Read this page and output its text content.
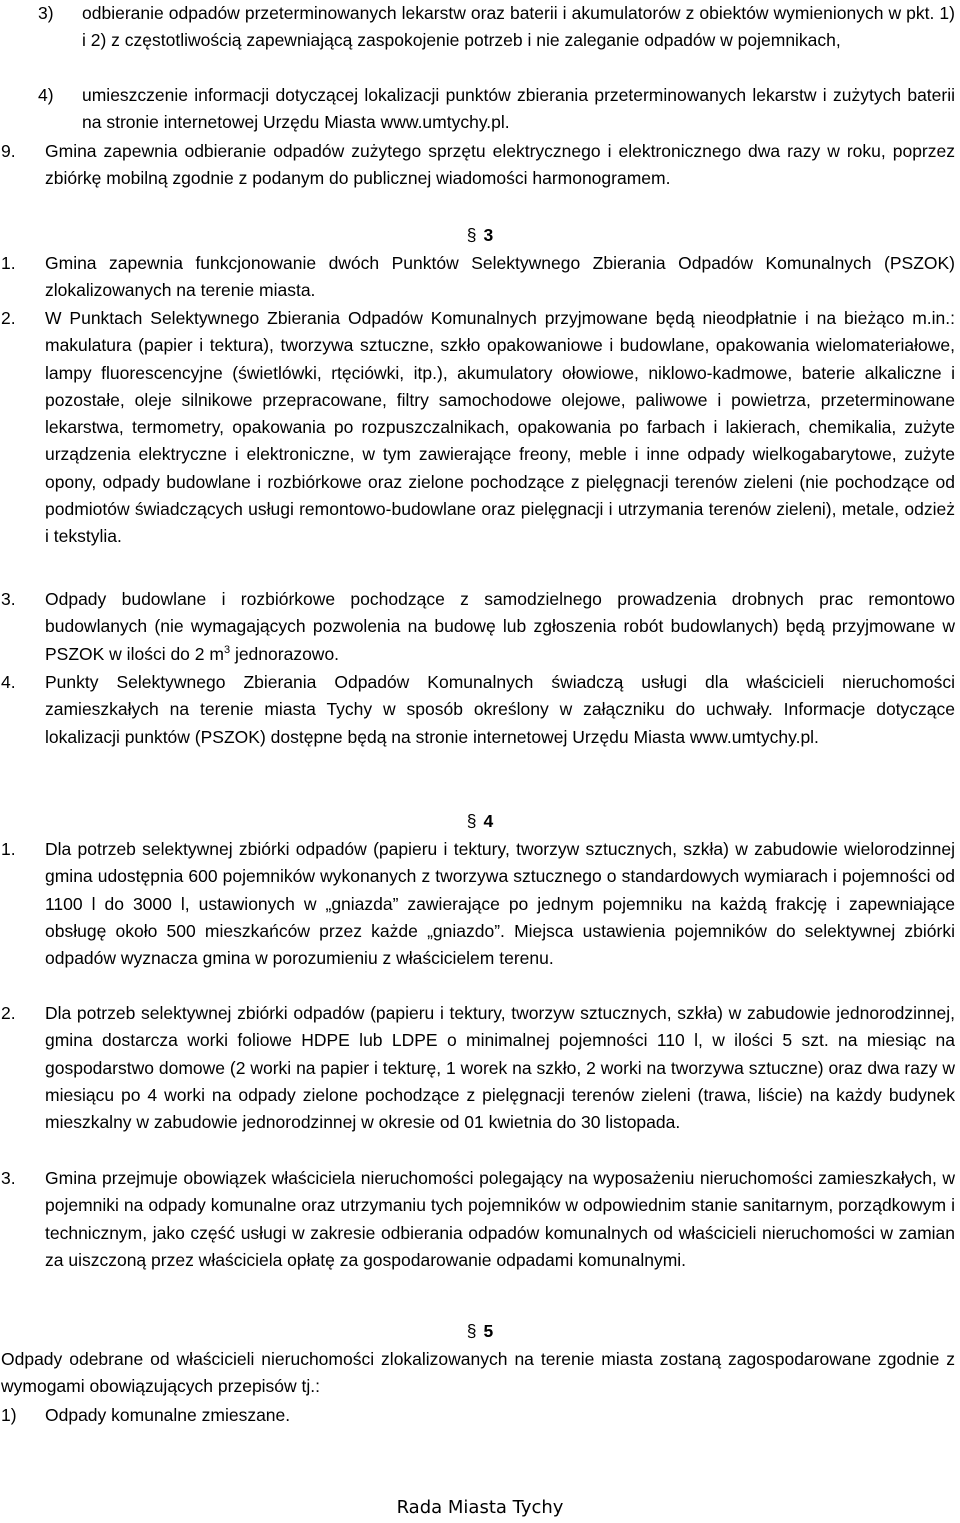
3)	odbieranie odpadów przeterminowanych lekarstw oraz baterii i akumulatorów z obiektów wymienionych w pkt. 1) i 2) z częstotliwością zapewniającą zaspokojenie potrzeb i nie zaleganie odpadów w pojemnikach,
4)	umieszczenie informacji dotyczącej lokalizacji punktów zbierania przeterminowanych lekarstw i zużytych baterii na stronie internetowej Urzędu Miasta www.umtychy.pl.
9.	Gmina zapewnia odbieranie odpadów zużytego sprzętu elektrycznego i elektronicznego dwa razy w roku, poprzez zbiórkę mobilną zgodnie z podanym do publicznej wiadomości harmonogramem.
§ 3
1.	Gmina zapewnia funkcjonowanie dwóch Punktów Selektywnego Zbierania Odpadów Komunalnych (PSZOK) zlokalizowanych na terenie miasta.
2.	W Punktach Selektywnego Zbierania Odpadów Komunalnych przyjmowane będą nieodpłatnie i na bieżąco m.in.: makulatura (papier i tektura), tworzywa sztuczne, szkło opakowaniowe i budowlane, opakowania wielomateriałowe, lampy fluorescencyjne (świetlówki, rtęciówki, itp.), akumulatory ołowiowe, niklowo-kadmowe, baterie alkaliczne i pozostałe, oleje silnikowe przepracowane, filtry samochodowe olejowe, paliwowe i powietrza, przeterminowane lekarstwa, termometry, opakowania po rozpuszczalnikach, opakowania po farbach i lakierach, chemikalia, zużyte urządzenia elektryczne i elektroniczne, w tym zawierające freony, meble i inne odpady wielkogabarytowe, zużyte opony, odpady budowlane i rozbiórkowe oraz zielone pochodzące z pielęgnacji terenów zieleni (nie pochodzące od podmiotów świadczących usługi remontowo-budowlane oraz pielęgnacji i utrzymania terenów zieleni), metale, odzież i tekstylia.
3.	Odpady budowlane i rozbiórkowe pochodzące z samodzielnego prowadzenia drobnych prac remontowo budowlanych (nie wymagających pozwolenia na budowę lub zgłoszenia robót budowlanych) będą przyjmowane w PSZOK w ilości do 2 $m^3$ jednorazowo.
4.	Punkty Selektywnego Zbierania Odpadów Komunalnych świadczą usługi dla właścicieli nieruchomości zamieszkałych na terenie miasta Tychy w sposób określony w załączniku do uchwały. Informacje dotyczące lokalizacji punktów (PSZOK) dostępne będą na stronie internetowej Urzędu Miasta www.umtychy.pl.
§ 4
1.	Dla potrzeb selektywnej zbiórki odpadów (papieru i tektury, tworzyw sztucznych, szkła) w zabudowie wielorodzinnej gmina udostępnia 600 pojemników wykonanych z tworzywa sztucznego o standardowych wymiarach i pojemności od 1100 l do 3000 l, ustawionych w „gniazda” zawierające po jednym pojemniku na każdą frakcję i zapewniające obsługę około 500 mieszkańców przez każde „gniazdo”. Miejsca ustawienia pojemników do selektywnej zbiórki odpadów wyznacza gmina w porozumieniu z właścicielem terenu.
2.	Dla potrzeb selektywnej zbiórki odpadów (papieru i tektury, tworzyw sztucznych, szkła) w zabudowie jednorodzinnej, gmina dostarcza worki foliowe HDPE lub LDPE o minimalnej pojemności 110 l, w ilości 5 szt. na miesiąc na gospodarstwo domowe (2 worki na papier i tekturę, 1 worek na szkło, 2 worki na tworzywa sztuczne) oraz dwa razy w miesiącu po 4 worki na odpady zielone pochodzące z pielęgnacji terenów zieleni (trawa, liście) na każdy budynek mieszkalny w zabudowie jednorodzinnej w okresie od 01 kwietnia do 30 listopada.
3.	Gmina przejmuje obowiązek właściciela nieruchomości polegający na wyposażeniu nieruchomości zamieszkałych, w pojemniki na odpady komunalne oraz utrzymaniu tych pojemników w odpowiednim stanie sanitarnym, porządkowym i technicznym, jako część usługi w zakresie odbierania odpadów komunalnych od właścicieli nieruchomości w zamian za uiszczoną przez właściciela opłatę za gospodarowanie odpadami komunalnymi.
§ 5
Odpady odebrane od właścicieli nieruchomości zlokalizowanych na terenie miasta zostaną zagospodarowane zgodnie z wymogami obowiązujących przepisów tj.:
1)	Odpady komunalne zmieszane.
Rada Miasta Tychy
